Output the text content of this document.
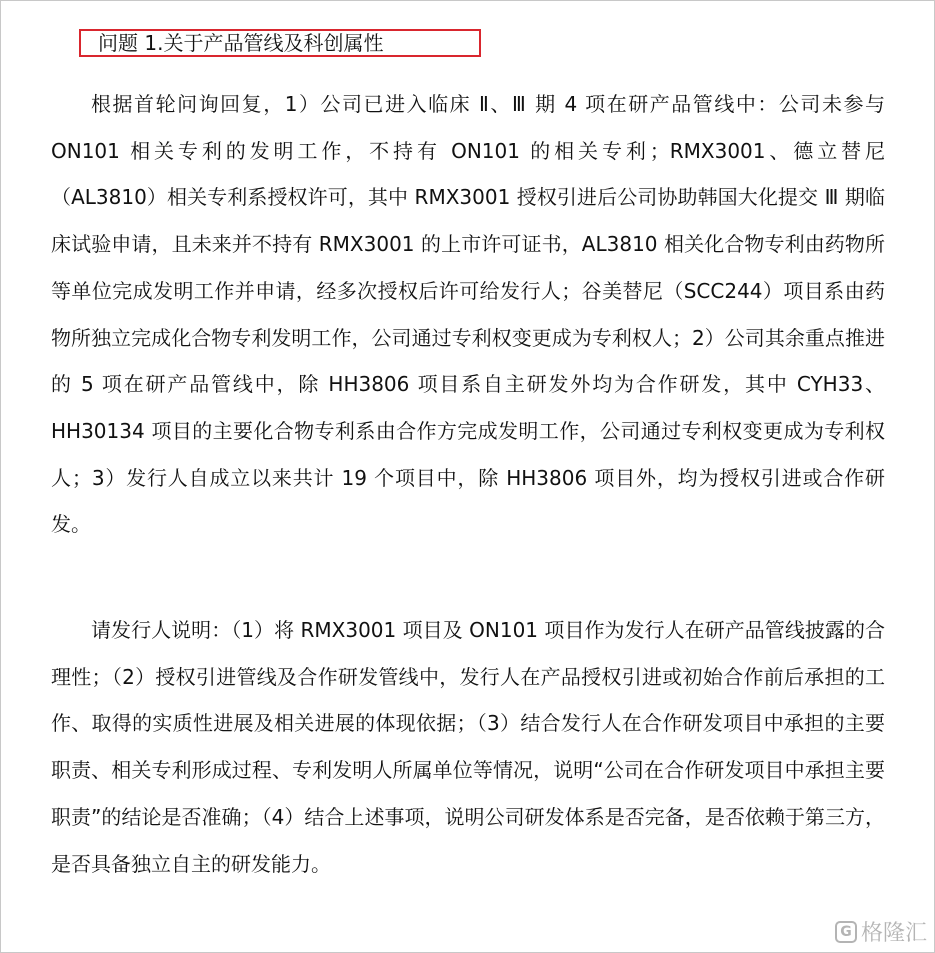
问题 1.关于产品管线及科创属性

根据首轮问询回复，1）公司已进入临床 Ⅱ、Ⅲ 期 4 项在研产品管线中：公司未参与 ON101 相关专利的发明工作，不持有 ON101 的相关专利；RMX3001、德立替尼（AL3810）相关专利系授权许可，其中 RMX3001 授权引进后公司协助韩国大化提交 Ⅲ 期临床试验申请，且未来并不持有 RMX3001 的上市许可证书，AL3810 相关化合物专利由药物所等单位完成发明工作并申请，经多次授权后许可给发行人；谷美替尼（SCC244）项目系由药物所独立完成化合物专利发明工作，公司通过专利权变更成为专利权人；2）公司其余重点推进的 5 项在研产品管线中，除 HH3806 项目系自主研发外均为合作研发，其中 CYH33、HH30134 项目的主要化合物专利系由合作方完成发明工作，公司通过专利权变更成为专利权人；3）发行人自成立以来共计 19 个项目中，除 HH3806 项目外，均为授权引进或合作研发。

请发行人说明：（1）将 RMX3001 项目及 ON101 项目作为发行人在研产品管线披露的合理性；（2）授权引进管线及合作研发管线中，发行人在产品授权引进或初始合作前后承担的工作、取得的实质性进展及相关进展的体现依据；（3）结合发行人在合作研发项目中承担的主要职责、相关专利形成过程、专利发明人所属单位等情况，说明“公司在合作研发项目中承担主要职责”的结论是否准确；（4）结合上述事项，说明公司研发体系是否完备，是否依赖于第三方，是否具备独立自主的研发能力。

G 格隆汇
